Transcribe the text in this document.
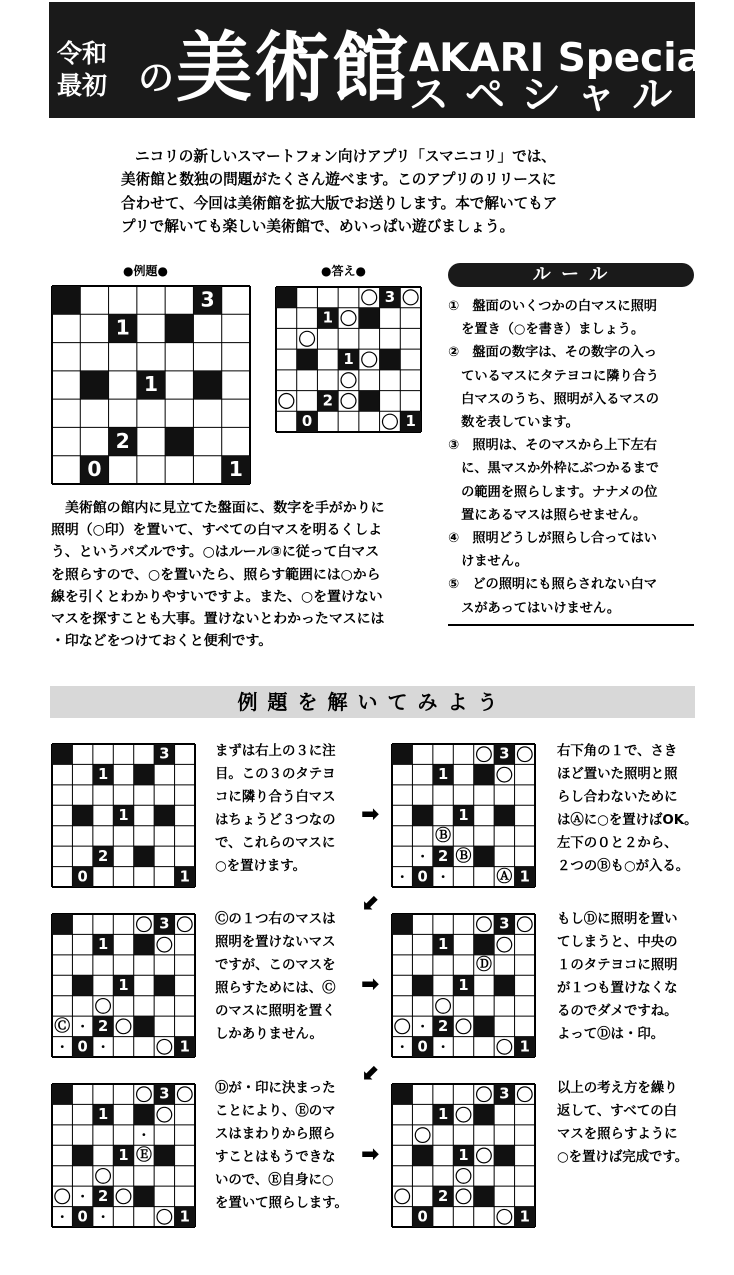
令和
最初 の 美術館 AKARI Special
スペシャル
ニコリの新しいスマートフォン向けアプリ「スマニコリ」では、
美術館と数独の問題がたくさん遊べます。このアプリのリリースに
合わせて、今回は美術館を拡大版でお送りします。本で解いてもア
プリで解いても楽しい美術館で、めいっぱい遊びましょう。
●例題●	●答え●
3
1
1
2
0	1
3
1
1
2
0	1
美術館の館内に見立てた盤面に、数字を手がかりに
照明（○印）を置いて、すべての白マスを明るくしよ
う、というパズルです。○はルール③に従って白マス
を照らすので、○を置いたら、照らす範囲には○から
線を引くとわかりやすいですよ。また、○を置けない
マスを探すことも大事。置けないとわかったマスには
・印などをつけておくと便利です。
ル ー ル
①　盤面のいくつかの白マスに照明
　を置き（○を書き）ましょう。
②　盤面の数字は、その数字の入っ
　ているマスにタテヨコに隣り合う
　白マスのうち、照明が入るマスの
　数を表しています。
③　照明は、そのマスから上下左右
　に、黒マスか外枠にぶつかるまで
　の範囲を照らします。ナナメの位
　置にあるマスは照らせません。
④　照明どうしが照らし合ってはい
　けません。
⑤　どの照明にも照らされない白マ
　スがあってはいけません。
例題を解いてみよう
3
1
1
2
0	1
3
1
1
2
0	1
Ⓑ
・ Ⓑ
・ ・	Ⓐ
3
1
1
2
0	1
Ⓒ ・
・ ・
3
1
1
2
0	1
Ⓓ
・
・ ・
3
1
1
2
0	1
・
Ⓔ
・
・ ・
3
1
1
2
0	1
まずは右上の３に注
目。この３のタテヨ
コに隣り合う白マス
はちょうど３つなの
で、これらのマスに
○を置けます。
右下角の１で、さき
ほど置いた照明と照
らし合わないために
はⒶに○を置けばOK。
左下の０と２から、
２つのⒷも○が入る。
Ⓒの１つ右のマスは
照明を置けないマス
ですが、このマスを
照らすためには、Ⓒ
のマスに照明を置く
しかありません。
もしⒹに照明を置い
てしまうと、中央の
１のタテヨコに照明
が１つも置けなくな
るのでダメですね。
よってⒹは・印。
Ⓓが・印に決まった
ことにより、Ⓔのマ
スはまわりから照ら
すことはもうできな
いので、Ⓔ自身に○
を置いて照らします。
以上の考え方を繰り
返して、すべての白
マスを照らすように
○を置けば完成です。
➡
⬋
➡
⬋
➡
